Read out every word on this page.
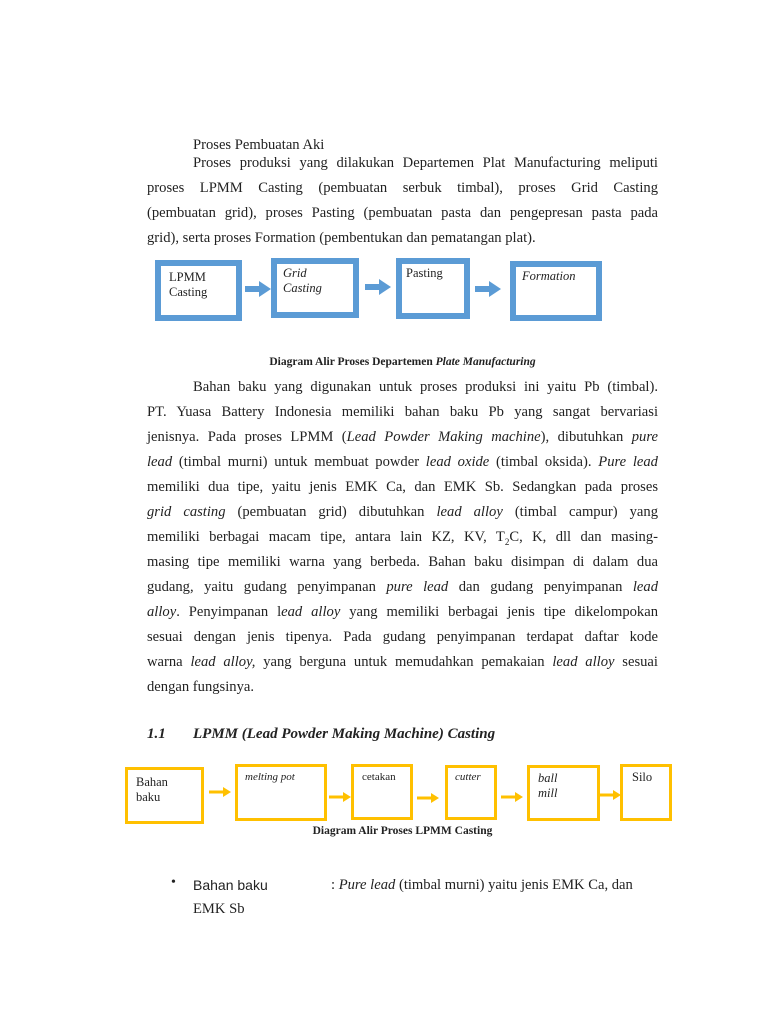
Proses Pembuatan Aki

Proses produksi yang dilakukan Departemen Plat Manufacturing meliputi

proses LPMM Casting (pembuatan serbuk timbal), proses Grid Casting

(pembuatan grid), proses Pasting (pembuatan pasta dan pengepresan pasta pada

grid), serta proses Formation (pembentukan dan pematangan plat).

LPMM
Casting
Grid
Casting
Pasting	Formation
Diagram Alir Proses Departemen Plate Manufacturing

Bahan baku yang digunakan untuk proses produksi ini yaitu Pb (timbal).

PT. Yuasa Battery Indonesia memiliki bahan baku Pb yang sangat bervariasi

jenisnya. Pada proses LPMM (Lead Powder Making machine), dibutuhkan pure

lead (timbal murni) untuk membuat powder lead oxide (timbal oksida). Pure lead

memiliki dua tipe, yaitu jenis EMK Ca, dan EMK Sb. Sedangkan pada proses

grid casting (pembuatan grid) dibutuhkan lead alloy (timbal campur) yang

memiliki berbagai macam tipe, antara lain KZ, KV, $T_2C$, K, dll dan masing-

masing tipe memiliki warna yang berbeda. Bahan baku disimpan di dalam dua

gudang, yaitu gudang penyimpanan pure lead dan gudang penyimpanan lead

alloy. Penyimpanan lead alloy yang memiliki berbagai jenis tipe dikelompokan

sesuai dengan jenis tipenya. Pada gudang penyimpanan terdapat daftar kode

warna lead alloy, yang berguna untuk memudahkan pemakaian lead alloy sesuai

dengan fungsinya.

1.1 LPMM (Lead Powder Making Machine) Casting
Bahan
baku
melting pot	cetakan	cutter	ball
mill
Silo
Diagram Alir Proses LPMM Casting
• Bahan baku	: Pure lead (timbal murni) yaitu jenis EMK Ca, dan
EMK Sb
